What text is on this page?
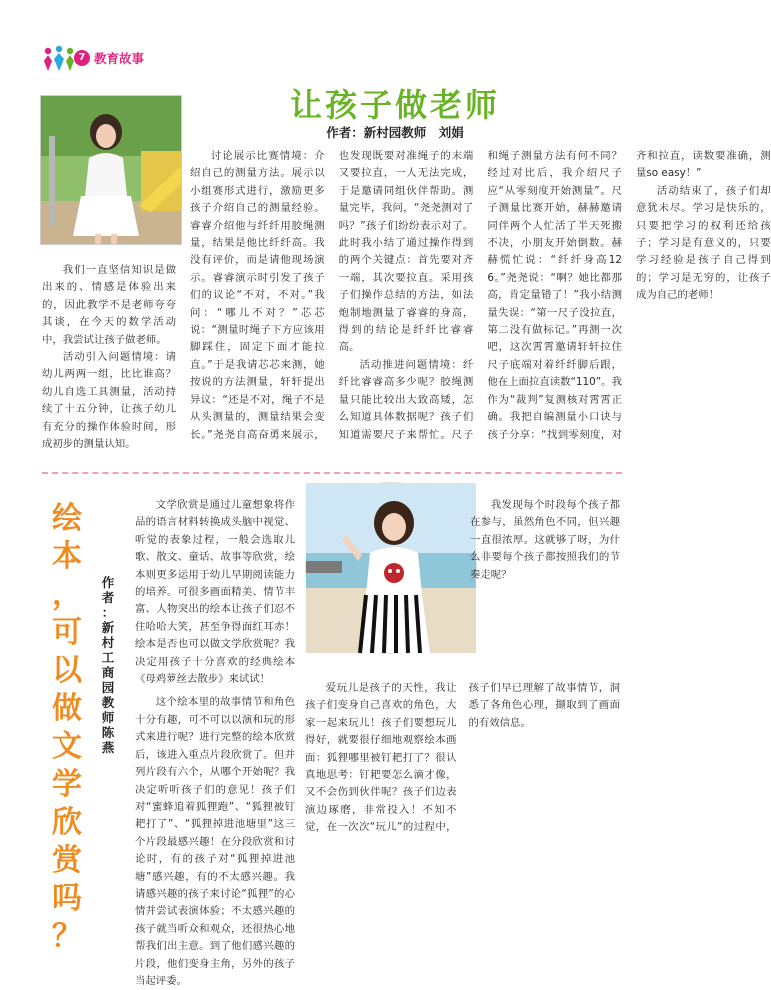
7 教育故事
让孩子做老师
作者：新村园教师　刘娟

我们一直坚信知识是做出来的、情感是体验出来的，因此教学不是老师夸夸其谈，在今天的数学活动中，我尝试让孩子做老师。

活动引入问题情境：请幼儿两两一组，比比谁高？幼儿自选工具测量，活动持续了十五分钟，让孩子幼儿有充分的操作体验时间，形成初步的测量认知。

讨论展示比赛情境：介绍自己的测量方法。展示以小组赛形式进行，激励更多孩子介绍自己的测量经验。睿睿介绍他与纤纤用胶绳测量，结果是他比纤纤高。我没有评价，而是请他现场演示。睿睿演示时引发了孩子们的议论“不对，不对。”我问：“哪儿不对？”芯芯说：“测量时绳子下方应该用脚踩住，固定下面才能拉直。”于是我请芯芯来测，她按说的方法测量，轩轩提出异议：“还是不对，绳子不是从头测量的，测量结果会变长。”尧尧自高奋勇来展示，也发现既要对准绳子的末端又要拉直，一人无法完成，于是邀请同组伙伴帮助。测量完毕，我问，“尧尧测对了吗？”孩子们纷纷表示对了。此时我小结了通过操作得到的两个关键点：首先要对齐一端，其次要拉直。采用孩子们操作总结的方法，如法炮制地测量了睿睿的身高，得到的结论是纤纤比睿睿高。

活动推进问题情境：纤纤比睿睿高多少呢？胶绳测量只能比较出大致高矮，怎么知道具体数据呢？孩子们知道需要尺子来帮忙。尺子和绳子测量方法有何不同？经过对比后，我介绍尺子应“从零刻度开始测量”。尺子测量比赛开始，赫赫邀请同伴两个人忙活了半天死搬不决，小朋友开始倒数。赫赫慌忙说：“纤纤身高126。”尧尧说：“啊？她比都那高，肯定量错了！”我小结测量失误：“第一尺子没拉直，第二没有做标记。”再测一次吧，这次霄霄邀请轩轩拉住尺子底端对着纤纤脚后跟，他在上面拉直读数“110”。我作为“裁判”复测核对霄霄正确。我把自编测量小口诀与孩子分享：“找到零刻度，对齐和拉直，读数要准确，测量so easy！”

活动结束了，孩子们却意犹未尽。学习是快乐的，只要把学习的权利还给孩子；学习是有意义的，只要学习经验是孩子自己得到的；学习是无穷的，让孩子成为自己的老师！

绘
本
，
可
以
做
文
学
欣
赏
吗
？
作
者
：
新
村
工
商
园
教
师
陈
燕

文学欣赏是通过儿童想象将作品的语言材料转换成头脑中视觉、听觉的表象过程，一般会选取儿歌、散文、童话、故事等欣赏，绘本则更多运用于幼儿早期阅读能力的培养。可很多画面精美、情节丰富、人物突出的绘本让孩子们忍不住哈哈大笑，甚至争得面红耳赤！绘本是否也可以做文学欣赏呢？我决定用孩子十分喜欢的经典绘本《母鸡萝丝去散步》来试试！

这个绘本里的故事情节和角色十分有趣，可不可以以演和玩的形式来进行呢？进行完整的绘本欣赏后，该进入重点片段欣赏了。但并列片段有六个，从哪个开始呢？我决定听听孩子们的意见！孩子们对“蜜蜂追着狐狸跑”、“狐狸被钉耙打了”、“狐狸掉进池塘里”这三个片段最感兴趣！在分段欣赏和讨论时，有的孩子对“狐狸掉进池塘”感兴趣，有的不太感兴趣。我请感兴趣的孩子来讨论“狐狸”的心情并尝试表演体验；不太感兴趣的孩子就当听众和观众，还很热心地帮我们出主意。到了他们感兴趣的片段，他们变身主角，另外的孩子当起评委。

我发现每个时段每个孩子都在参与，虽然角色不同，但兴趣一直很浓厚。这就够了呀，为什么非要每个孩子都按照我们的节奏走呢？

爱玩儿是孩子的天性，我让孩子们变身自己喜欢的角色，大家一起来玩儿！孩子们要想玩儿得好，就要很仔细地观察绘本画面：狐狸哪里被钉耙打了？很认真地思考：钉耙要怎么滴才像，又不会伤到伙伴呢？孩子们边表演边琢磨，非常投入！不知不觉，在一次次“玩儿”的过程中，孩子们早已理解了故事情节，洞悉了各角色心理，撷取到了画面的有效信息。
